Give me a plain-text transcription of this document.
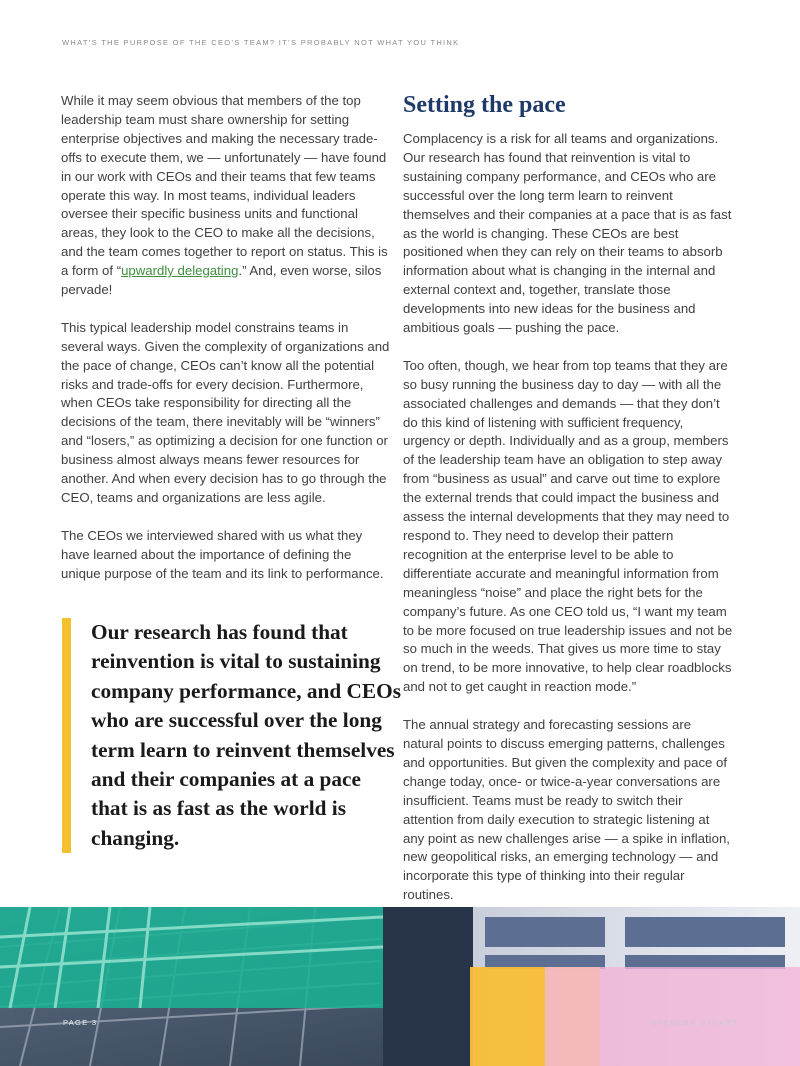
WHAT’S THE PURPOSE OF THE CEO’S TEAM? IT’S PROBABLY NOT WHAT YOU THINK

While it may seem obvious that members of the top leadership team must share ownership for setting enterprise objectives and making the necessary trade-offs to execute them, we — unfortunately — have found in our work with CEOs and their teams that few teams operate this way. In most teams, individual leaders oversee their specific business units and functional areas, they look to the CEO to make all the decisions, and the team comes together to report on status. This is a form of “upwardly delegating.” And, even worse, silos pervade!

This typical leadership model constrains teams in several ways. Given the complexity of organizations and the pace of change, CEOs can’t know all the potential risks and trade-offs for every decision. Furthermore, when CEOs take responsibility for directing all the decisions of the team, there inevitably will be “winners” and “losers,” as optimizing a decision for one function or business almost always means fewer resources for another. And when every decision has to go through the CEO, teams and organizations are less agile.

The CEOs we interviewed shared with us what they have learned about the importance of defining the unique purpose of the team and its link to performance.

Our research has found that reinvention is vital to sustaining company performance, and CEOs who are successful over the long term learn to reinvent themselves and their companies at a pace that is as fast as the world is changing.
Setting the pace

Complacency is a risk for all teams and organizations. Our research has found that reinvention is vital to sustaining company performance, and CEOs who are successful over the long term learn to reinvent themselves and their companies at a pace that is as fast as the world is changing. These CEOs are best positioned when they can rely on their teams to absorb information about what is changing in the internal and external context and, together, translate those developments into new ideas for the business and ambitious goals — pushing the pace.

Too often, though, we hear from top teams that they are so busy running the business day to day — with all the associated challenges and demands — that they don’t do this kind of listening with sufficient frequency, urgency or depth. Individually and as a group, members of the leadership team have an obligation to step away from “business as usual” and carve out time to explore the external trends that could impact the business and assess the internal developments that they may need to respond to. They need to develop their pattern recognition at the enterprise level to be able to differentiate accurate and meaningful information from meaningless “noise” and place the right bets for the company’s future. As one CEO told us, “I want my team to be more focused on true leadership issues and not be so much in the weeds. That gives us more time to stay on trend, to be more innovative, to help clear roadblocks and not to get caught in reaction mode.”

The annual strategy and forecasting sessions are natural points to discuss emerging patterns, challenges and opportunities. But given the complexity and pace of change today, once- or twice-a-year conversations are insufficient. Teams must be ready to switch their attention from daily execution to strategic listening at any point as new challenges arise — a spike in inflation, new geopolitical risks, an emerging technology — and incorporate this type of thinking into their regular routines.

PAGE 3	SPENCER STUART
